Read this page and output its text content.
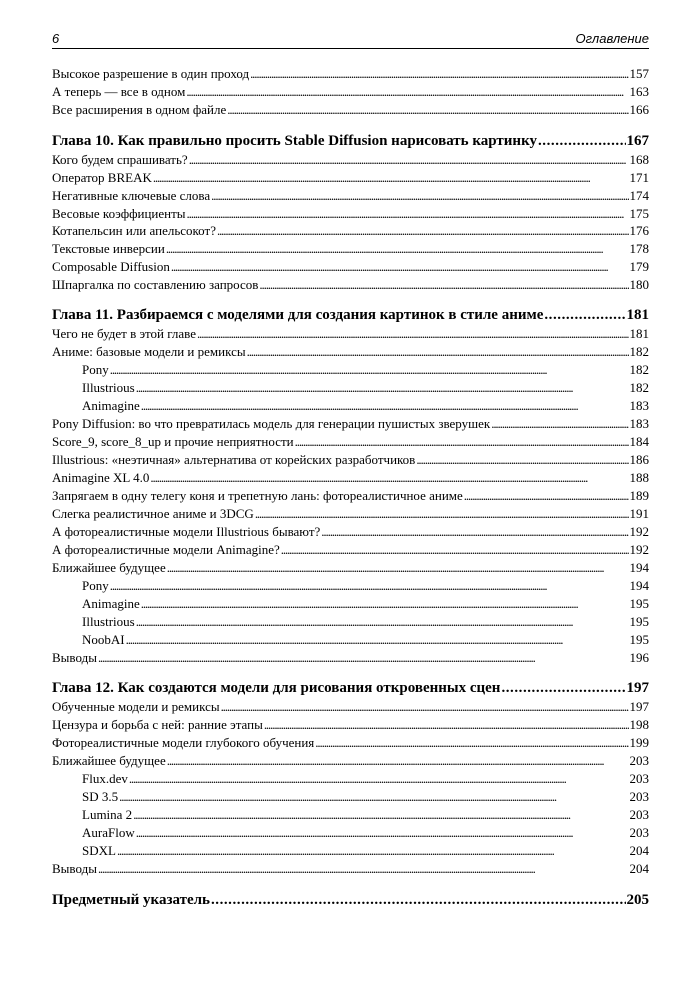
6	Оглавление
Высокое разрешение в один проход . . .	157
А теперь — все в одном . . .	163
Все расширения в одном файле . . .	166
Глава 10. Как правильно просить Stable Diffusion нарисовать картинку . . .	167
Кого будем спрашивать? . . .	168
Оператор BREAK . . .	171
Негативные ключевые слова . . .	174
Весовые коэффициенты . . .	175
Котапельсин или апельсокот? . . .	176
Текстовые инверсии . . .	178
Composable Diffusion . . .	179
Шпаргалка по составлению запросов . . .	180
Глава 11. Разбираемся с моделями для создания картинок в стиле аниме . . .	181
Чего не будет в этой главе . . .	181
Аниме: базовые модели и ремиксы . . .	182
Pony . . .	182
Illustrious . . .	182
Animagine . . .	183
Pony Diffusion: во что превратилась модель для генерации пушистых зверушек . . .	183
Score_9, score_8_up и прочие неприятности . . .	184
Illustrious: «неэтичная» альтернатива от корейских разработчиков . . .	186
Animagine XL 4.0 . . .	188
Запрягаем в одну телегу коня и трепетную лань: фотореалистичное аниме . . .	189
Слегка реалистичное аниме и 3DCG . . .	191
А фотореалистичные модели Illustrious бывают? . . .	192
А фотореалистичные модели Animagine? . . .	192
Ближайшее будущее . . .	194
Pony . . .	194
Animagine . . .	195
Illustrious . . .	195
NoobAI . . .	195
Выводы . . .	196
Глава 12. Как создаются модели для рисования откровенных сцен . . .	197
Обученные модели и ремиксы . . .	197
Цензура и борьба с ней: ранние этапы . . .	198
Фотореалистичные модели глубокого обучения . . .	199
Ближайшее будущее . . .	203
Flux.dev . . .	203
SD 3.5 . . .	203
Lumina 2 . . .	203
AuraFlow . . .	203
SDXL . . .	204
Выводы . . .	204
Предметный указатель . . .	205
